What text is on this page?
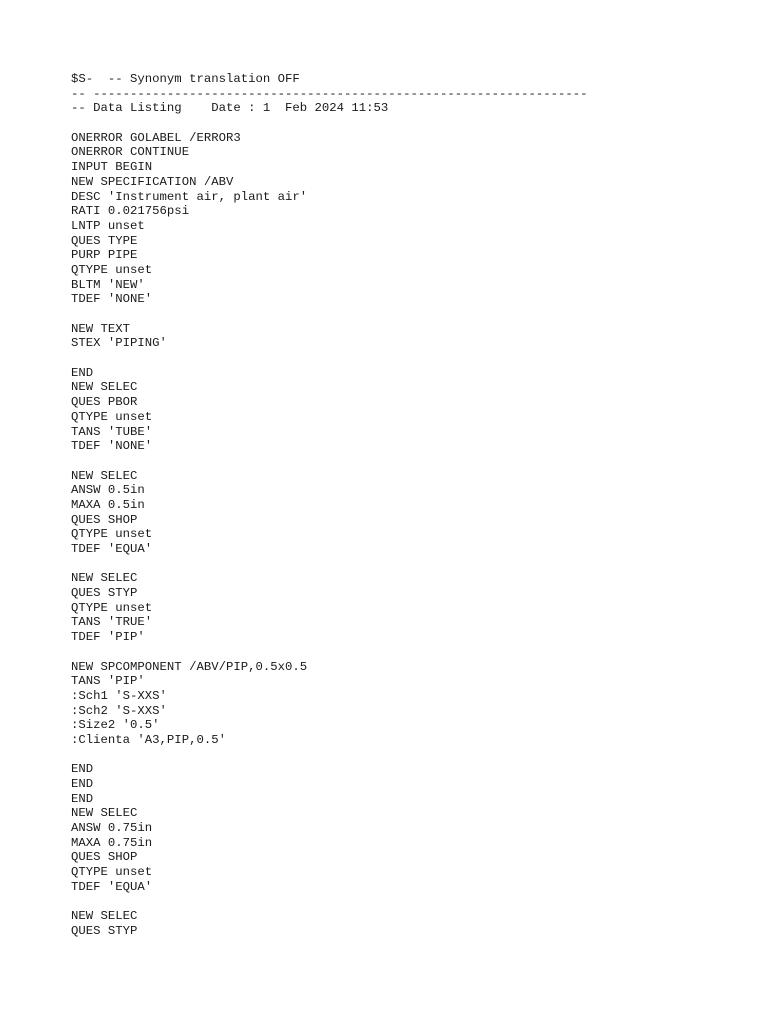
$S-  -- Synonym translation OFF
-- -------------------------------------------------------------------
-- Data Listing    Date : 1  Feb 2024 11:53
ONERROR GOLABEL /ERROR3
ONERROR CONTINUE
INPUT BEGIN
NEW SPECIFICATION /ABV
DESC 'Instrument air, plant air'
RATI 0.021756psi
LNTP unset
QUES TYPE
PURP PIPE
QTYPE unset
BLTM 'NEW'
TDEF 'NONE'
NEW TEXT
STEX 'PIPING'
END
NEW SELEC
QUES PBOR
QTYPE unset
TANS 'TUBE'
TDEF 'NONE'
NEW SELEC
ANSW 0.5in
MAXA 0.5in
QUES SHOP
QTYPE unset
TDEF 'EQUA'
NEW SELEC
QUES STYP
QTYPE unset
TANS 'TRUE'
TDEF 'PIP'
NEW SPCOMPONENT /ABV/PIP,0.5x0.5
TANS 'PIP'
:Sch1 'S-XXS'
:Sch2 'S-XXS'
:Size2 '0.5'
:Clienta 'A3,PIP,0.5'
END
END
END
NEW SELEC
ANSW 0.75in
MAXA 0.75in
QUES SHOP
QTYPE unset
TDEF 'EQUA'
NEW SELEC
QUES STYP
